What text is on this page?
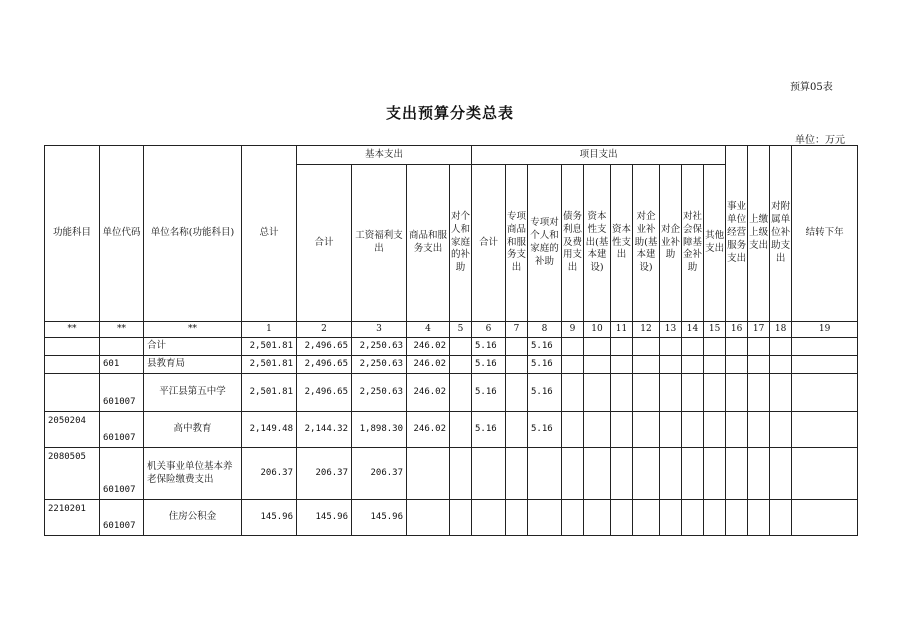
预算05表
支出预算分类总表
单位：万元
功能科目	单位代码	单位名称(功能科目)	总计	基本支出				项目支出										事业单位经营服务支出	上缴上级支出	对附属单位补助支出	结转下年
				合计	工资福利支出	商品和服务支出	对个人和家庭的补助	合计	专项商品和服务支出	专项对个人和家庭的补助	债务利息及费用支出	资本性支出(基本建设)	资本性支出	对企业补助(基本建设)	对企业补助	对社会保障基金补助	其他支出				
**	**	**	1	2	3	4	5	6	7	8	9	10	11	12	13	14	15	16	17	18	19
		合计	2,501.81	2,496.65	2,250.63	246.02		5.16		5.16											
	601	县教育局	2,501.81	2,496.65	2,250.63	246.02		5.16		5.16											
	601007	平江县第五中学	2,501.81	2,496.65	2,250.63	246.02		5.16		5.16											
2050204	601007	高中教育	2,149.48	2,144.32	1,898.30	246.02		5.16		5.16											
2080505	601007	机关事业单位基本养老保险缴费支出	206.37	206.37	206.37																
2210201	601007	住房公积金	145.96	145.96	145.96																
